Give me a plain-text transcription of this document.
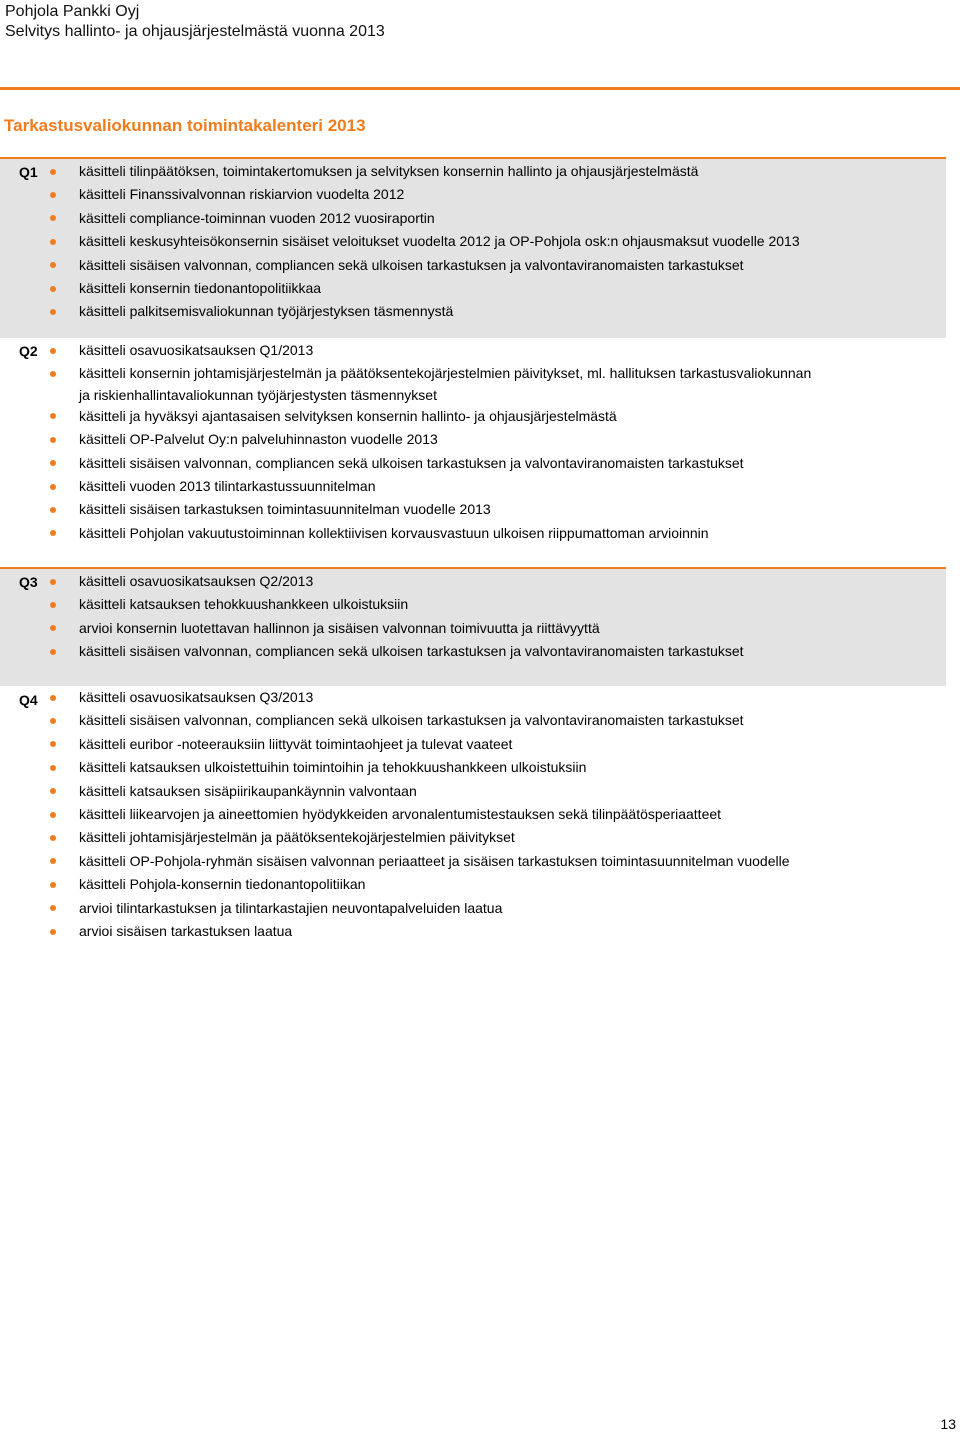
Pohjola Pankki Oyj
Selvitys hallinto- ja ohjausjärjestelmästä vuonna 2013
Tarkastusvaliokunnan toimintakalenteri 2013
Q1	käsitteli tilinpäätöksen, toimintakertomuksen ja selvityksen konsernin hallinto ja ohjausjärjestelmästä
käsitteli Finanssivalvonnan riskiarvion vuodelta 2012
käsitteli compliance-toiminnan vuoden 2012 vuosiraportin
käsitteli keskusyhteisökonsernin sisäiset veloitukset vuodelta 2012 ja OP-Pohjola osk:n ohjausmaksut vuodelle 2013
käsitteli sisäisen valvonnan, compliancen sekä ulkoisen tarkastuksen ja valvontaviranomaisten tarkastukset
käsitteli konsernin tiedonantopolitiikkaa
käsitteli palkitsemisvaliokunnan työjärjestyksen täsmennystä
Q2	käsitteli osavuosikatsauksen Q1/2013
käsitteli konsernin johtamisjärjestelmän ja päätöksentekojärjestelmien päivitykset, ml. hallituksen tarkastusvaliokunnan
ja riskienhallintavaliokunnan työjärjestysten täsmennykset
käsitteli ja hyväksyi ajantasaisen selvityksen konsernin hallinto- ja ohjausjärjestelmästä
käsitteli OP-Palvelut Oy:n palveluhinnaston vuodelle 2013
käsitteli sisäisen valvonnan, compliancen sekä ulkoisen tarkastuksen ja valvontaviranomaisten tarkastukset
käsitteli vuoden 2013 tilintarkastussuunnitelman
käsitteli sisäisen tarkastuksen toimintasuunnitelman vuodelle 2013
käsitteli Pohjolan vakuutustoiminnan kollektiivisen korvausvastuun ulkoisen riippumattoman arvioinnin
Q3	käsitteli osavuosikatsauksen Q2/2013
käsitteli katsauksen tehokkuushankkeen ulkoistuksiin
arvioi konsernin luotettavan hallinnon ja sisäisen valvonnan toimivuutta ja riittävyyttä
käsitteli sisäisen valvonnan, compliancen sekä ulkoisen tarkastuksen ja valvontaviranomaisten tarkastukset
Q4	käsitteli osavuosikatsauksen Q3/2013
käsitteli sisäisen valvonnan, compliancen sekä ulkoisen tarkastuksen ja valvontaviranomaisten tarkastukset
käsitteli euribor -noteerauksiin liittyvät toimintaohjeet ja tulevat vaateet
käsitteli katsauksen ulkoistettuihin toimintoihin ja tehokkuushankkeen ulkoistuksiin
käsitteli katsauksen sisäpiirikaupankäynnin valvontaan
käsitteli liikearvojen ja aineettomien hyödykkeiden arvonalentumistestauksen sekä tilinpäätösperiaatteet
käsitteli johtamisjärjestelmän ja päätöksentekojärjestelmien päivitykset
käsitteli OP-Pohjola-ryhmän sisäisen valvonnan periaatteet ja sisäisen tarkastuksen toimintasuunnitelman vuodelle
käsitteli Pohjola-konsernin tiedonantopolitiikan
arvioi tilintarkastuksen ja tilintarkastajien neuvontapalveluiden laatua
arvioi sisäisen tarkastuksen laatua
13
